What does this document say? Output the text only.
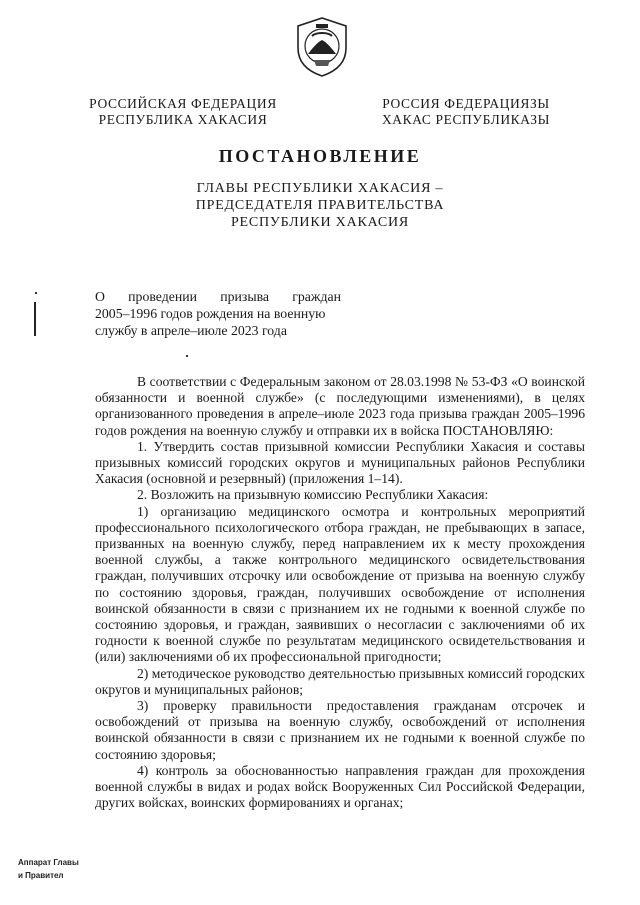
РОССИЙСКАЯ ФЕДЕРАЦИЯ
РЕСПУБЛИКА ХАКАСИЯ
РОССИЯ ФЕДЕРАЦИЯЗЫ
ХАКАС РЕСПУБЛИКАЗЫ
ПОСТАНОВЛЕНИЕ
ГЛАВЫ РЕСПУБЛИКИ ХАКАСИЯ –
ПРЕДСЕДАТЕЛЯ ПРАВИТЕЛЬСТВА
РЕСПУБЛИКИ ХАКАСИЯ
О проведении призыва граждан
2005–1996 годов рождения на военную
службу в апреле–июле 2023 года

В соответствии с Федеральным законом от 28.03.1998 № 53-ФЗ «О воинской обязанности и военной службе» (с последующими изменениями), в целях организованного проведения в апреле–июле 2023 года призыва граждан 2005–1996 годов рождения на военную службу и отправки их в войска ПОСТАНОВЛЯЮ:

1. Утвердить состав призывной комиссии Республики Хакасия и составы призывных комиссий городских округов и муниципальных районов Республики Хакасия (основной и резервный) (приложения 1–14).

2. Возложить на призывную комиссию Республики Хакасия:

1) организацию медицинского осмотра и контрольных мероприятий профессионального психологического отбора граждан, не пребывающих в запасе, призванных на военную службу, перед направлением их к месту прохождения военной службы, а также контрольного медицинского освидетельствования граждан, получивших отсрочку или освобождение от призыва на военную службу по состоянию здоровья, граждан, получивших освобождение от исполнения воинской обязанности в связи с признанием их не годными к военной службе по состоянию здоровья, и граждан, заявивших о несогласии с заключениями об их годности к военной службе по результатам медицинского освидетельствования и (или) заключениями об их профессиональной пригодности;

2) методическое руководство деятельностью призывных комиссий городских округов и муниципальных районов;

3) проверку правильности предоставления гражданам отсрочек и освобождений от призыва на военную службу, освобождений от исполнения воинской обязанности в связи с признанием их не годными к военной службе по состоянию здоровья;

4) контроль за обоснованностью направления граждан для прохождения военной службы в видах и родах войск Вооруженных Сил Российской Федерации, других войсках, воинских формированиях и органах;

Аппарат Главы
и Правител
